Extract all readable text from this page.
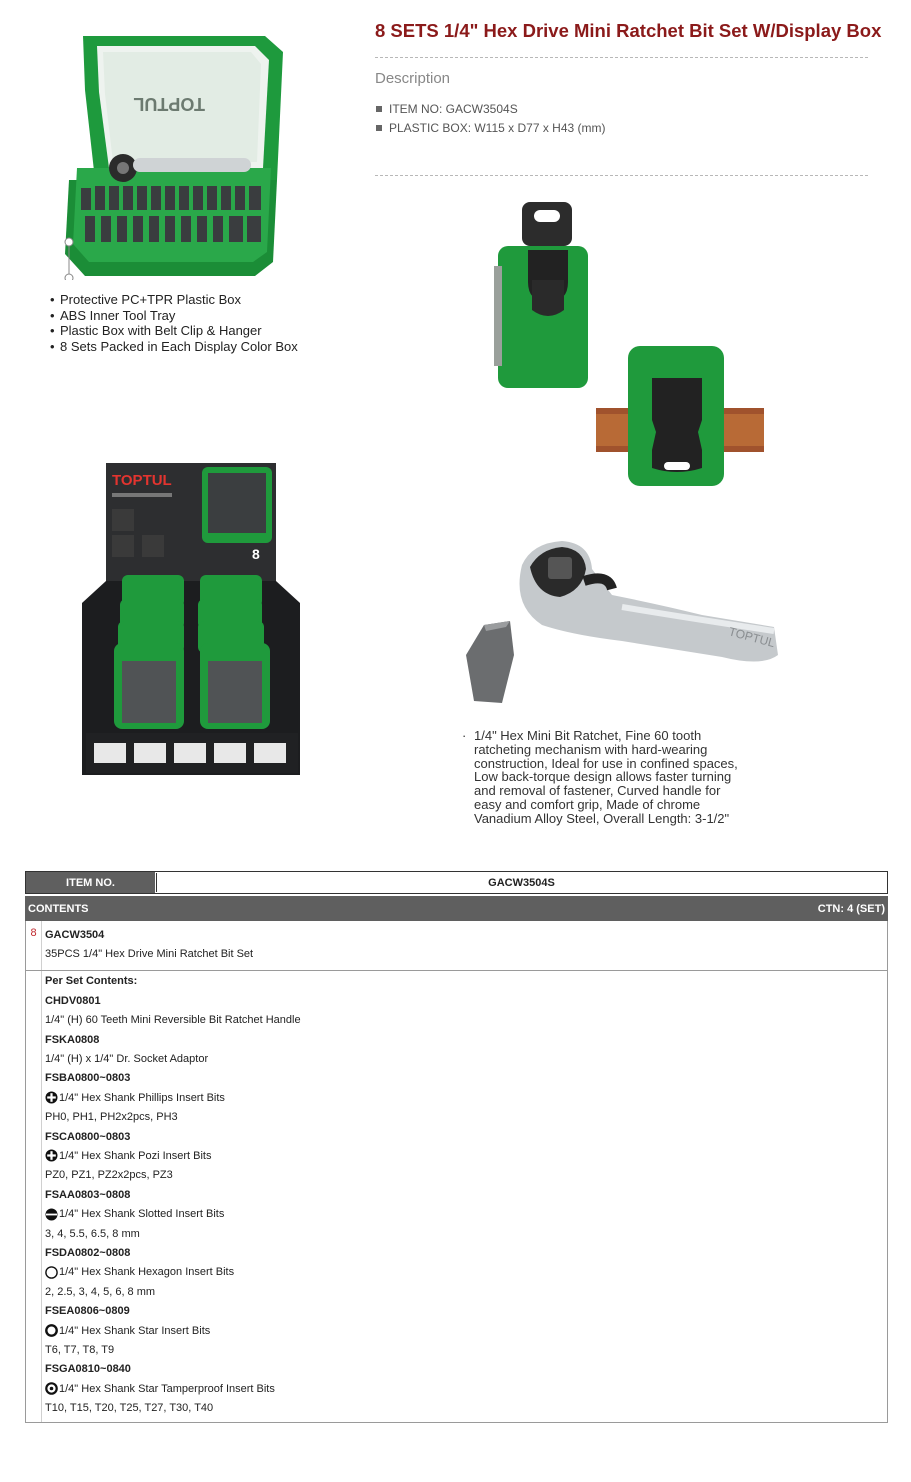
TOPTUL
• Protective PC+TPR Plastic Box
• ABS Inner Tool Tray
• Plastic Box with Belt Clip & Hanger
• 8 Sets Packed in Each Display Color Box
TOPTUL
8
TOPTUL
· 1/4" Hex Mini Bit Ratchet, Fine 60 tooth

ratcheting mechanism with hard-wearing

construction, Ideal for use in confined spaces,

Low back-torque design allows faster turning

and removal of fastener, Curved handle for

easy and comfort grip, Made of chrome

Vanadium Alloy Steel, Overall Length: 3-1/2"

8 SETS 1/4" Hex Drive Mini Ratchet Bit Set W/Display Box
Description
ITEM NO: GACW3504S
PLASTIC BOX: W115 x D77 x H43 (mm)
ITEM NO.	GACW3504S
CONTENTS	CTN: 4 (SET)
8 GACW3504
35PCS 1/4" Hex Drive Mini Ratchet Bit Set
Per Set Contents:
CHDV0801
1/4" (H) 60 Teeth Mini Reversible Bit Ratchet Handle
FSKA0808
1/4" (H) x 1/4" Dr. Socket Adaptor
FSBA0800~0803
1/4" Hex Shank Phillips Insert Bits
PH0, PH1, PH2x2pcs, PH3
FSCA0800~0803
1/4" Hex Shank Pozi Insert Bits
PZ0, PZ1, PZ2x2pcs, PZ3
FSAA0803~0808
1/4" Hex Shank Slotted Insert Bits
3, 4, 5.5, 6.5, 8 mm
FSDA0802~0808
1/4" Hex Shank Hexagon Insert Bits
2, 2.5, 3, 4, 5, 6, 8 mm
FSEA0806~0809
1/4" Hex Shank Star Insert Bits
T6, T7, T8, T9
FSGA0810~0840
1/4" Hex Shank Star Tamperproof Insert Bits
T10, T15, T20, T25, T27, T30, T40
